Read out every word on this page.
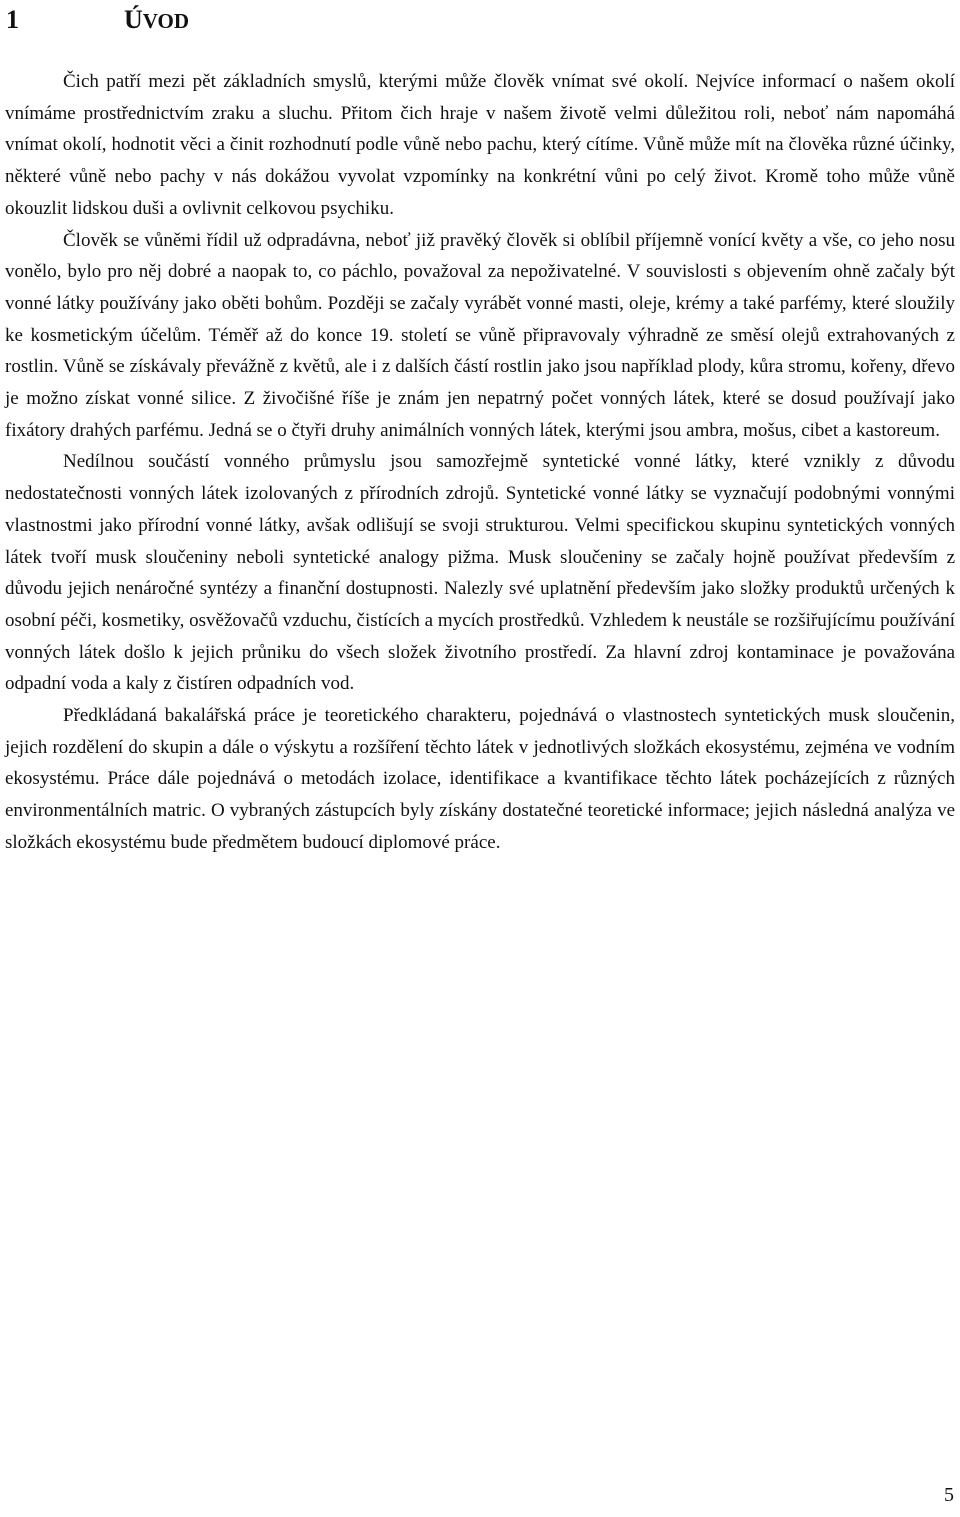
1	ÚVOD

Čich patří mezi pět základních smyslů, kterými může člověk vnímat své okolí. Nejvíce informací o našem okolí vnímáme prostřednictvím zraku a sluchu. Přitom čich hraje v našem životě velmi důležitou roli, neboť nám napomáhá vnímat okolí, hodnotit věci a činit rozhodnutí podle vůně nebo pachu, který cítíme. Vůně může mít na člověka různé účinky, některé vůně nebo pachy v nás dokážou vyvolat vzpomínky na konkrétní vůni po celý život. Kromě toho může vůně okouzlit lidskou duši a ovlivnit celkovou psychiku.

Člověk se vůněmi řídil už odpradávna, neboť již pravěký člověk si oblíbil příjemně vonící květy a vše, co jeho nosu vonělo, bylo pro něj dobré a naopak to, co páchlo, považoval za nepoživatelné. V souvislosti s objevením ohně začaly být vonné látky používány jako oběti bohům. Později se začaly vyrábět vonné masti, oleje, krémy a také parfémy, které sloužily ke kosmetickým účelům. Téměř až do konce 19. století se vůně připravovaly výhradně ze směsí olejů extrahovaných z rostlin. Vůně se získávaly převážně z květů, ale i z dalších částí rostlin jako jsou například plody, kůra stromu, kořeny, dřevo je možno získat vonné silice. Z živočišné říše je znám jen nepatrný počet vonných látek, které se dosud používají jako fixátory drahých parfému. Jedná se o čtyři druhy animálních vonných látek, kterými jsou ambra, mošus, cibet a kastoreum.

Nedílnou součástí vonného průmyslu jsou samozřejmě syntetické vonné látky, které vznikly z důvodu nedostatečnosti vonných látek izolovaných z přírodních zdrojů. Syntetické vonné látky se vyznačují podobnými vonnými vlastnostmi jako přírodní vonné látky, avšak odlišují se svoji strukturou. Velmi specifickou skupinu syntetických vonných látek tvoří musk sloučeniny neboli syntetické analogy pižma. Musk sloučeniny se začaly hojně používat především z důvodu jejich nenáročné syntézy a finanční dostupnosti. Nalezly své uplatnění především jako složky produktů určených k osobní péči, kosmetiky, osvěžovačů vzduchu, čistících a mycích prostředků. Vzhledem k neustále se rozšiřujícímu používání vonných látek došlo k jejich průniku do všech složek životního prostředí. Za hlavní zdroj kontaminace je považována odpadní voda a kaly z čistíren odpadních vod.

Předkládaná bakalářská práce je teoretického charakteru, pojednává o vlastnostech syntetických musk sloučenin, jejich rozdělení do skupin a dále o výskytu a rozšíření těchto látek v jednotlivých složkách ekosystému, zejména ve vodním ekosystému. Práce dále pojednává o metodách izolace, identifikace a kvantifikace těchto látek pocházejících z různých environmentálních matric. O vybraných zástupcích byly získány dostatečné teoretické informace; jejich následná analýza ve složkách ekosystému bude předmětem budoucí diplomové práce.

5
